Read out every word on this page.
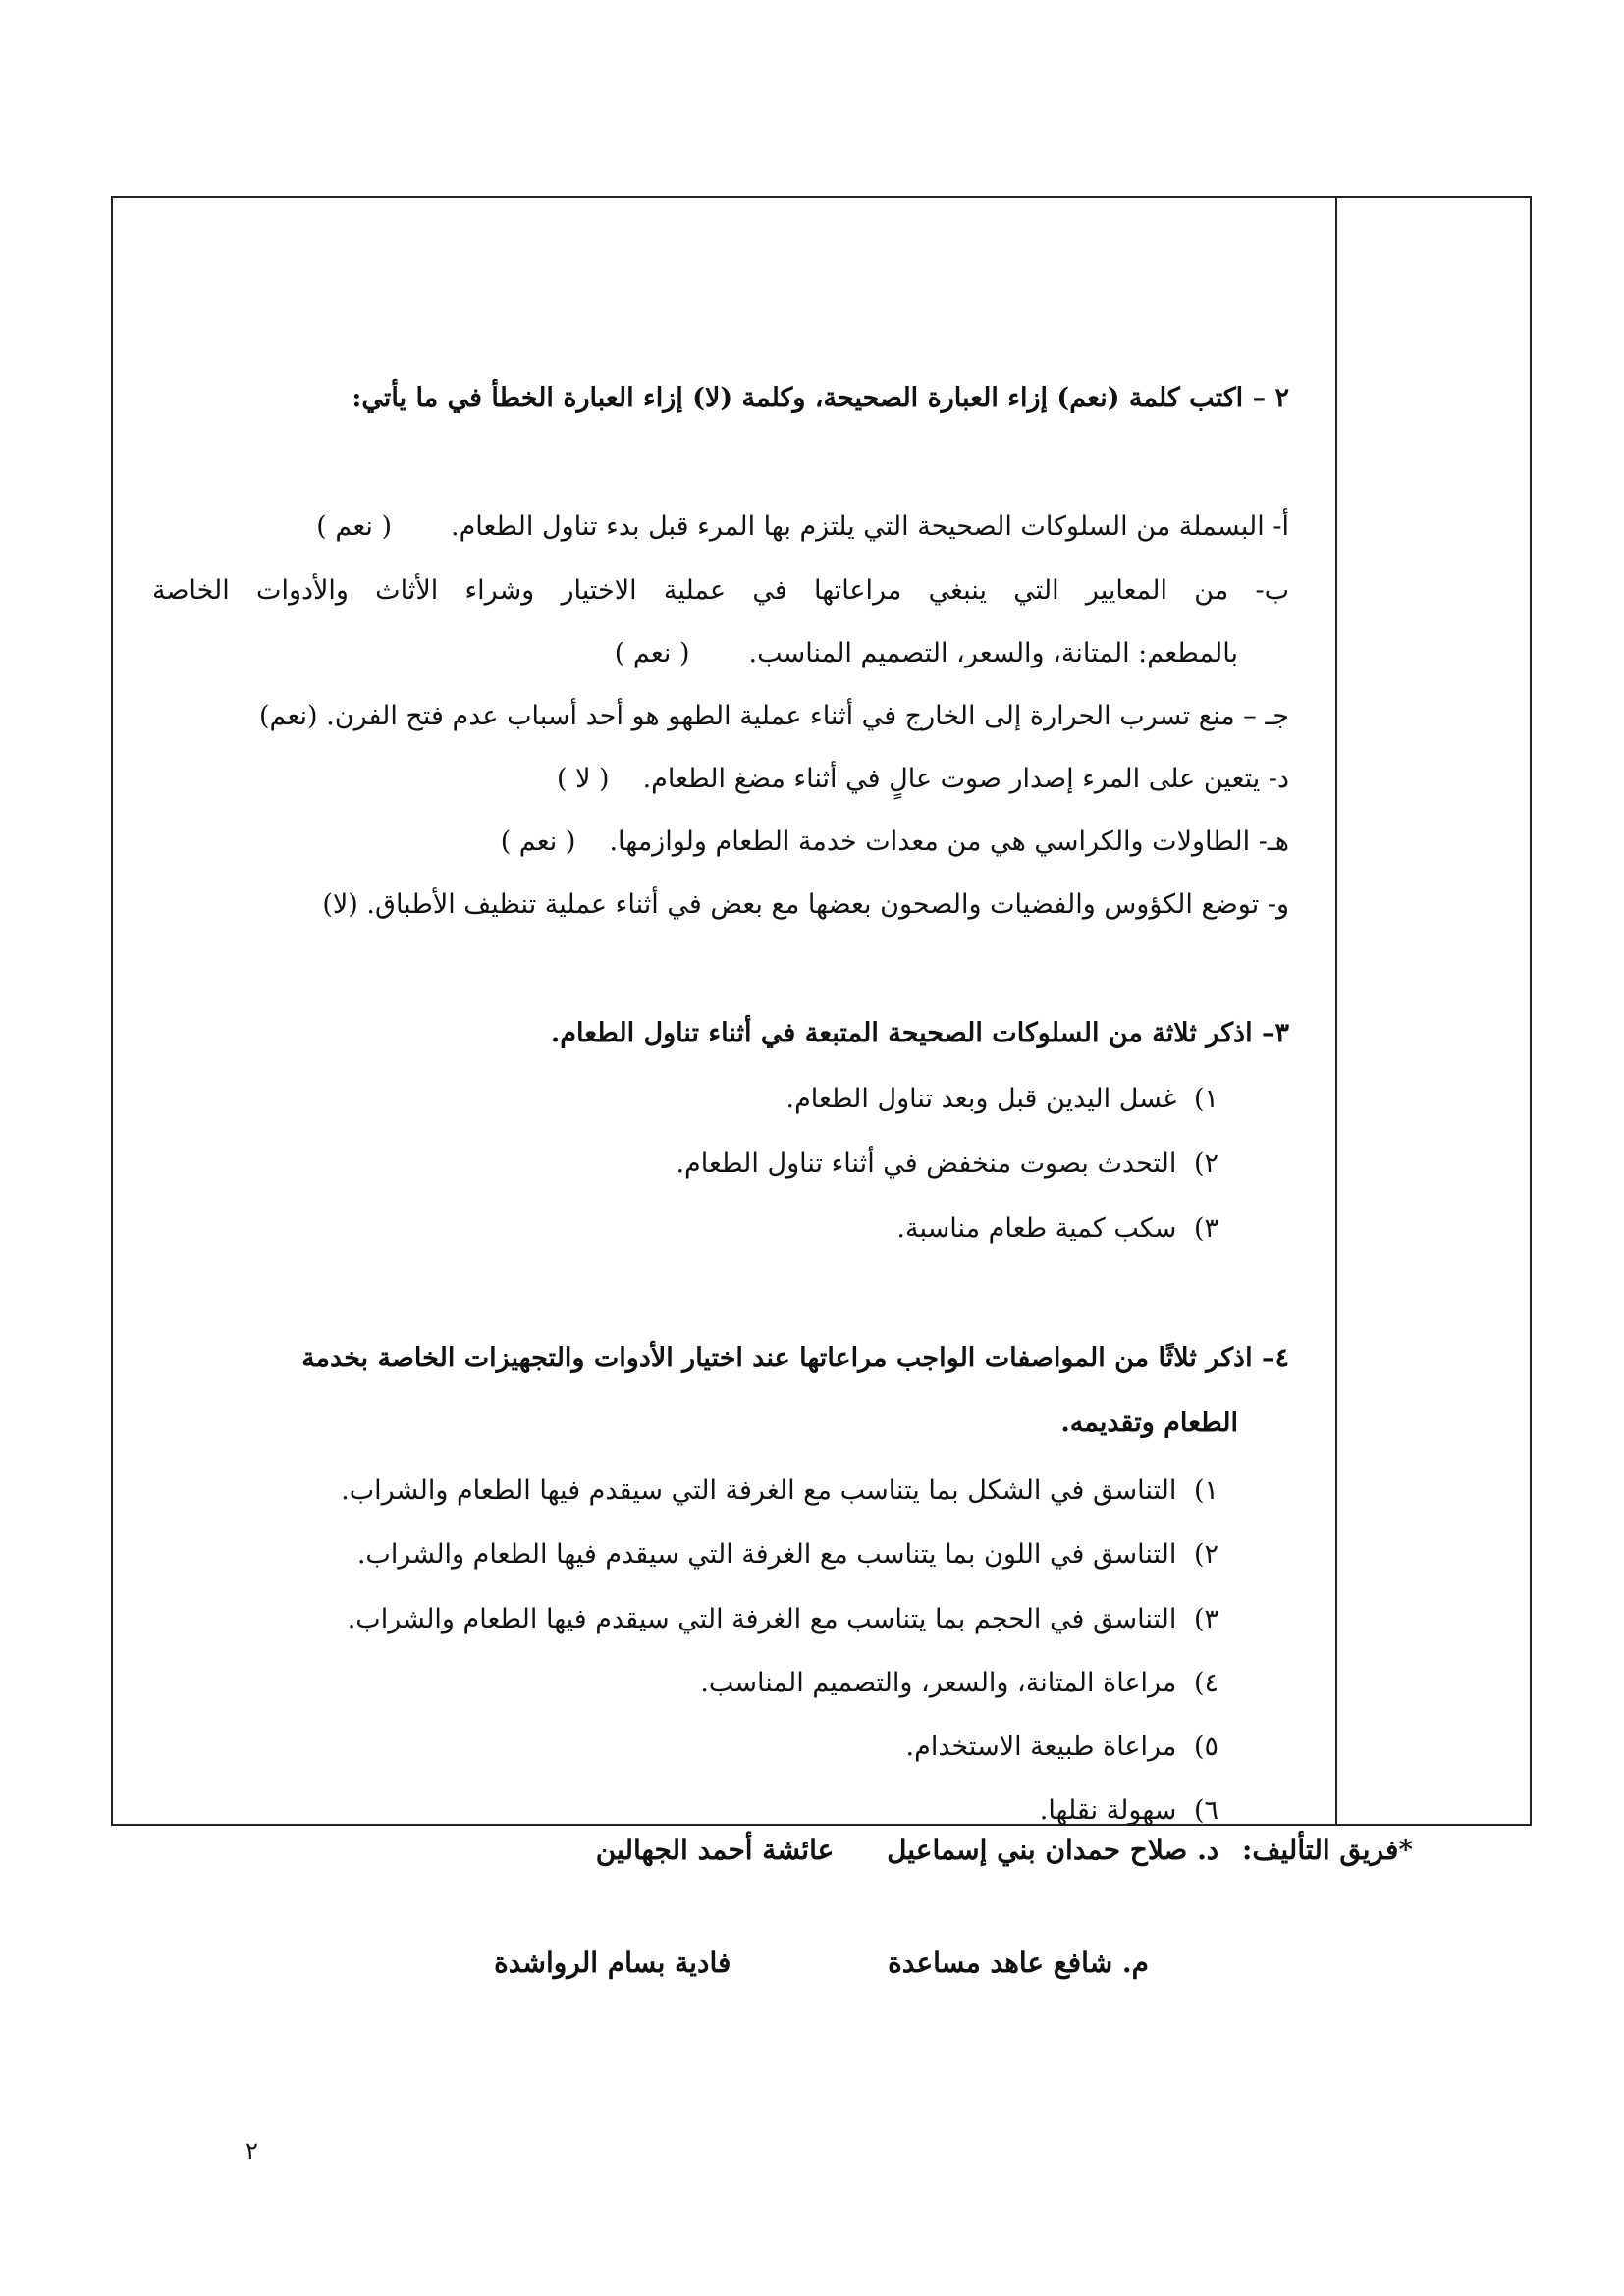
٢ – اكتب كلمة (نعم) إزاء العبارة الصحيحة، وكلمة (لا) إزاء العبارة الخطأ في ما يأتي:

أ- البسملة من السلوكات الصحيحة التي يلتزم بها المرء قبل بدء تناول الطعام.( نعم )

ب- من المعايير التي ينبغي مراعاتها في عملية الاختيار وشراء الأثاث والأدوات الخاصة

بالمطعم: المتانة، والسعر، التصميم المناسب.( نعم )

جـ – منع تسرب الحرارة إلى الخارج في أثناء عملية الطهو هو أحد أسباب عدم فتح الفرن. (نعم)

د- يتعين على المرء إصدار صوت عالٍ في أثناء مضغ الطعام.( لا )

هـ- الطاولات والكراسي هي من معدات خدمة الطعام ولوازمها.( نعم )

و- توضع الكؤوس والفضيات والصحون بعضها مع بعض في أثناء عملية تنظيف الأطباق. (لا)

٣– اذكر ثلاثة من السلوكات الصحيحة المتبعة في أثناء تناول الطعام.

١) غسل اليدين قبل وبعد تناول الطعام.

٢) التحدث بصوت منخفض في أثناء تناول الطعام.

٣) سكب كمية طعام مناسبة.

٤– اذكر ثلاثًا من المواصفات الواجب مراعاتها عند اختيار الأدوات والتجهيزات الخاصة بخدمة

الطعام وتقديمه.

١) التناسق في الشكل بما يتناسب مع الغرفة التي سيقدم فيها الطعام والشراب.

٢) التناسق في اللون بما يتناسب مع الغرفة التي سيقدم فيها الطعام والشراب.

٣) التناسق في الحجم بما يتناسب مع الغرفة التي سيقدم فيها الطعام والشراب.

٤) مراعاة المتانة، والسعر، والتصميم المناسب.

٥) مراعاة طبيعة الاستخدام.

٦) سهولة نقلها.

*فريق التأليف: د. صلاح حمدان بني إسماعيل عائشة أحمد الجهالين
م. شافع عاهد مساعدة فادية بسام الرواشدة
٢
